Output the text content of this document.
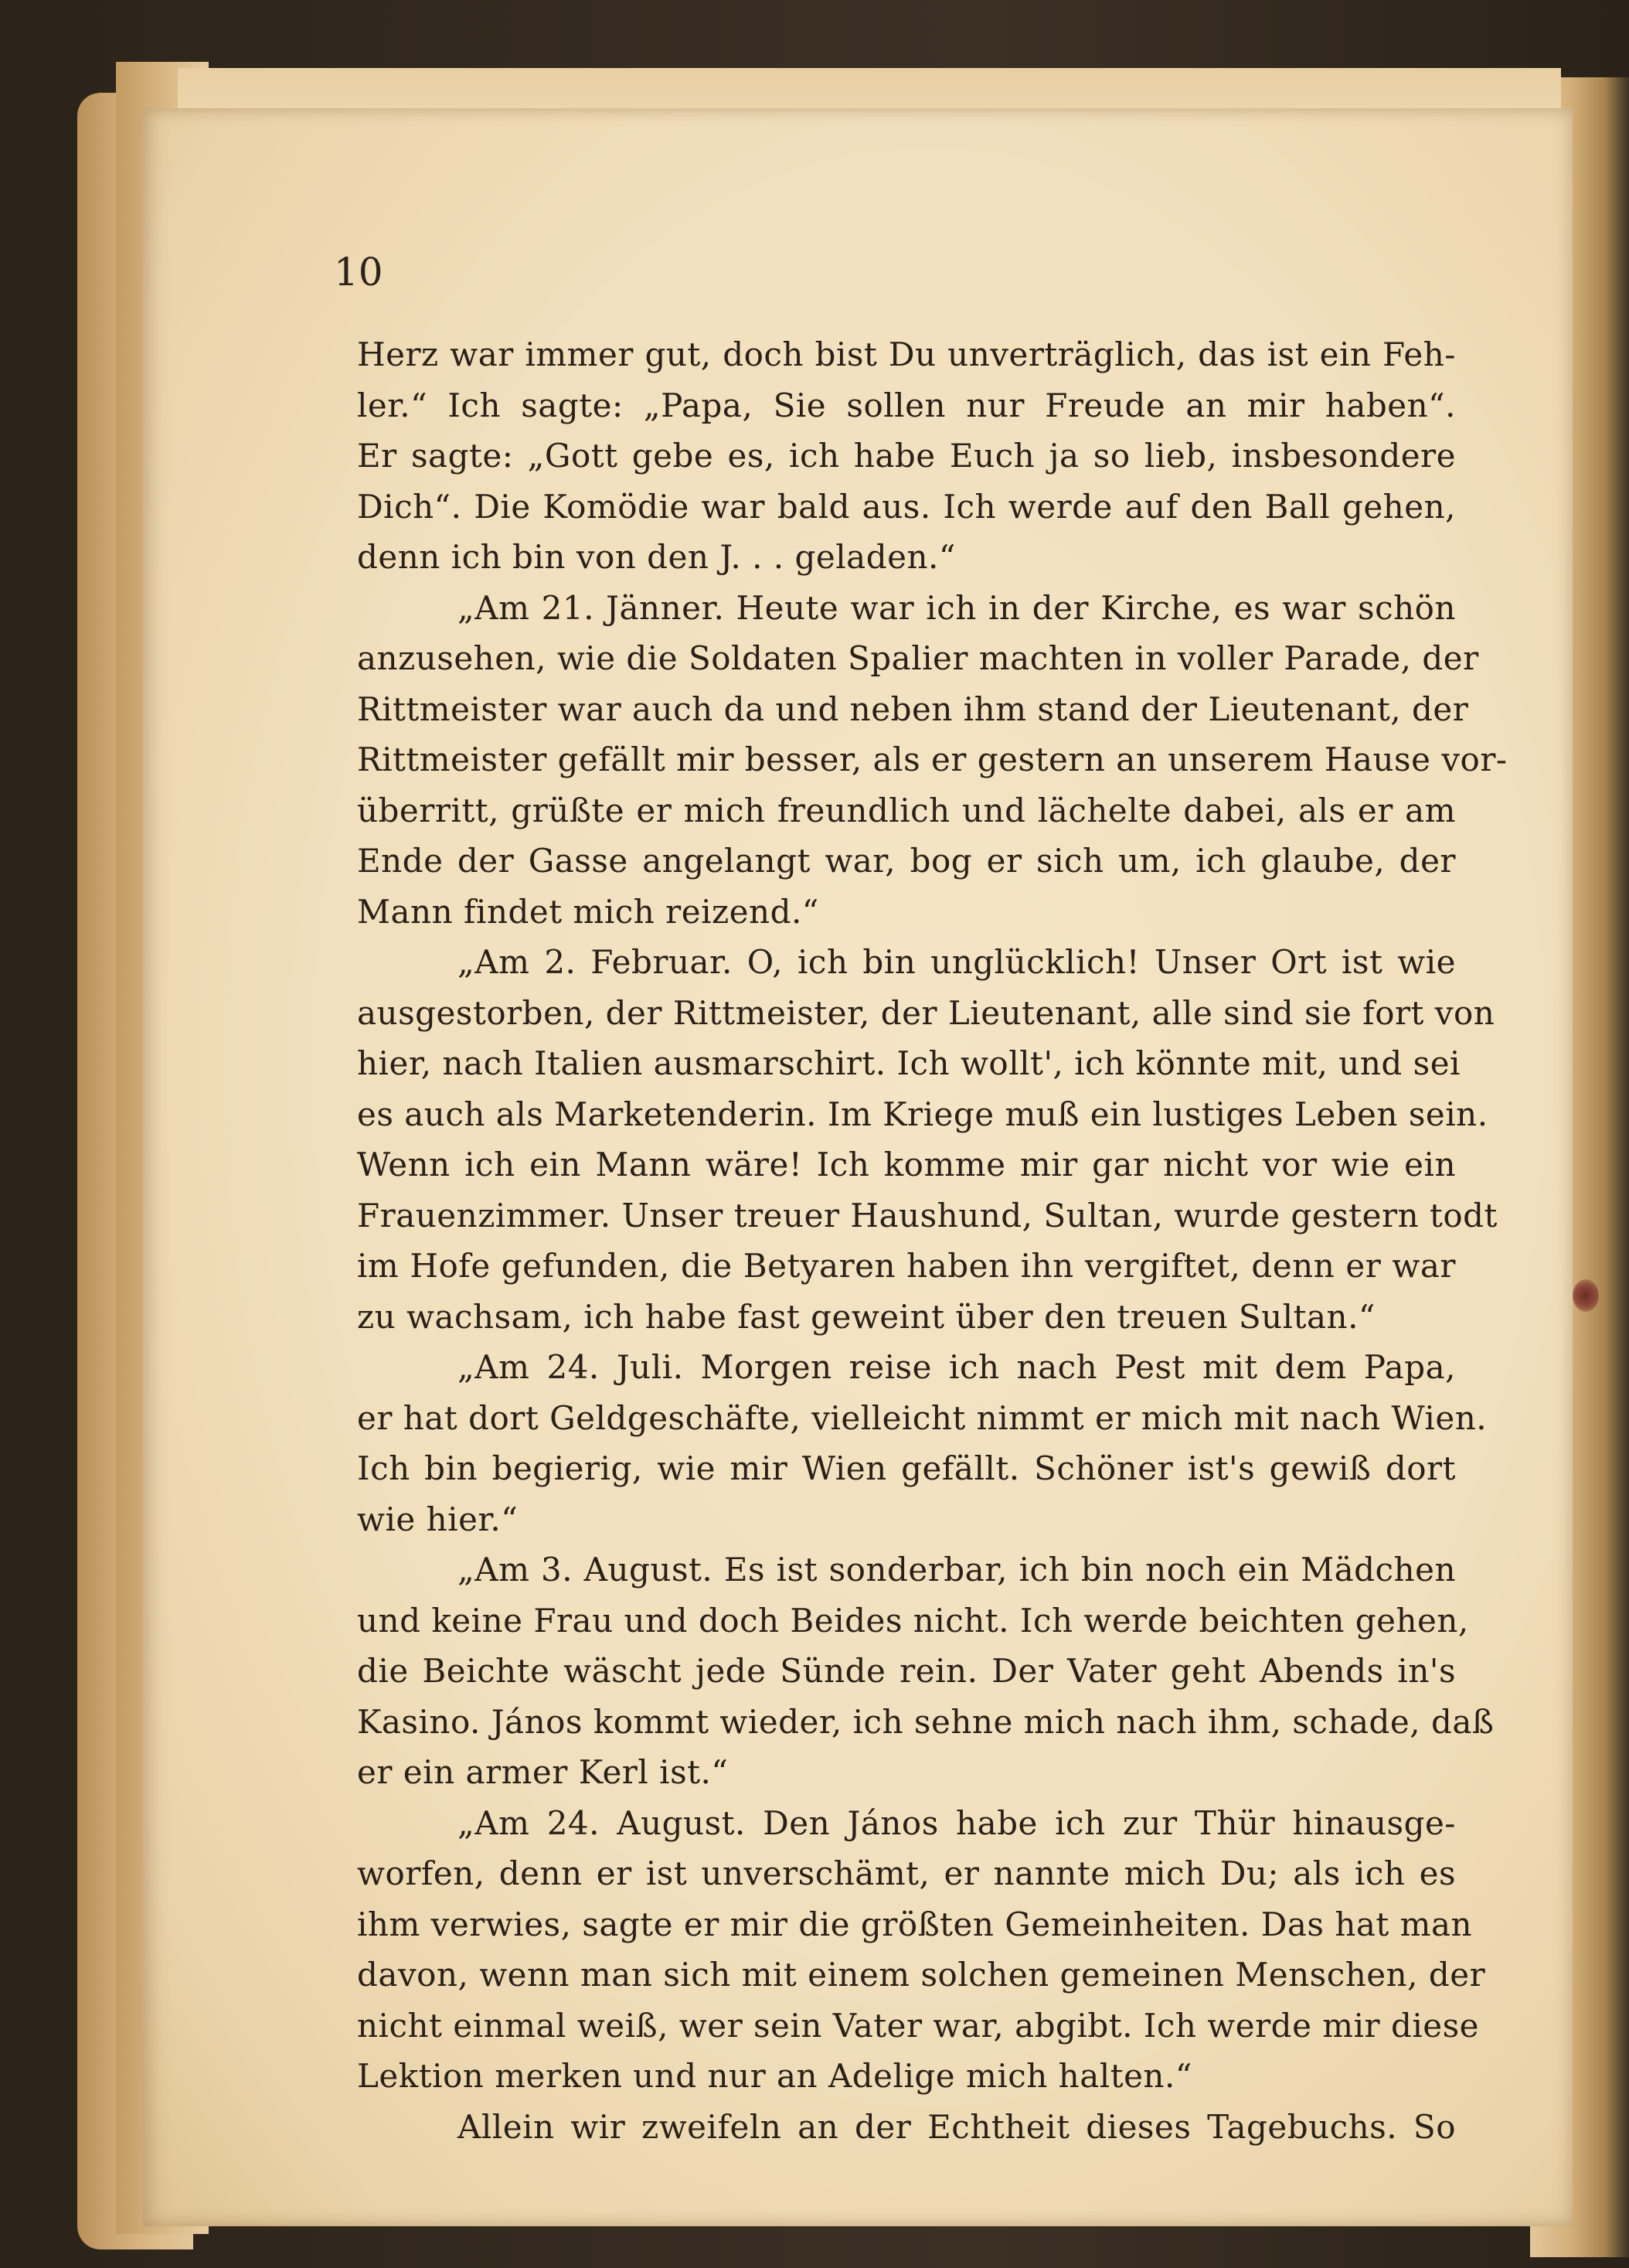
10
Herz war immer gut, doch bist Du unverträglich, das ist ein Feh-
ler.“ Ich sagte: „Papa, Sie sollen nur Freude an mir haben“.
Er sagte: „Gott gebe es, ich habe Euch ja so lieb, insbesondere
Dich“. Die Komödie war bald aus. Ich werde auf den Ball gehen,
denn ich bin von den J. . . geladen.“
„Am 21. Jänner. Heute war ich in der Kirche, es war schön
anzusehen, wie die Soldaten Spalier machten in voller Parade, der
Rittmeister war auch da und neben ihm stand der Lieutenant, der
Rittmeister gefällt mir besser, als er gestern an unserem Hause vor-
überritt, grüßte er mich freundlich und lächelte dabei, als er am
Ende der Gasse angelangt war, bog er sich um, ich glaube, der
Mann findet mich reizend.“
„Am 2. Februar. O, ich bin unglücklich! Unser Ort ist wie
ausgestorben, der Rittmeister, der Lieutenant, alle sind sie fort von
hier, nach Italien ausmarschirt. Ich wollt', ich könnte mit, und sei
es auch als Marketenderin. Im Kriege muß ein lustiges Leben sein.
Wenn ich ein Mann wäre! Ich komme mir gar nicht vor wie ein
Frauenzimmer. Unser treuer Haushund, Sultan, wurde gestern todt
im Hofe gefunden, die Betyaren haben ihn vergiftet, denn er war
zu wachsam, ich habe fast geweint über den treuen Sultan.“
„Am 24. Juli. Morgen reise ich nach Pest mit dem Papa,
er hat dort Geldgeschäfte, vielleicht nimmt er mich mit nach Wien.
Ich bin begierig, wie mir Wien gefällt. Schöner ist's gewiß dort
wie hier.“
„Am 3. August. Es ist sonderbar, ich bin noch ein Mädchen
und keine Frau und doch Beides nicht. Ich werde beichten gehen,
die Beichte wäscht jede Sünde rein. Der Vater geht Abends in's
Kasino. János kommt wieder, ich sehne mich nach ihm, schade, daß
er ein armer Kerl ist.“
„Am 24. August. Den János habe ich zur Thür hinausge-
worfen, denn er ist unverschämt, er nannte mich Du; als ich es
ihm verwies, sagte er mir die größten Gemeinheiten. Das hat man
davon, wenn man sich mit einem solchen gemeinen Menschen, der
nicht einmal weiß, wer sein Vater war, abgibt. Ich werde mir diese
Lektion merken und nur an Adelige mich halten.“
Allein wir zweifeln an der Echtheit dieses Tagebuchs. So
